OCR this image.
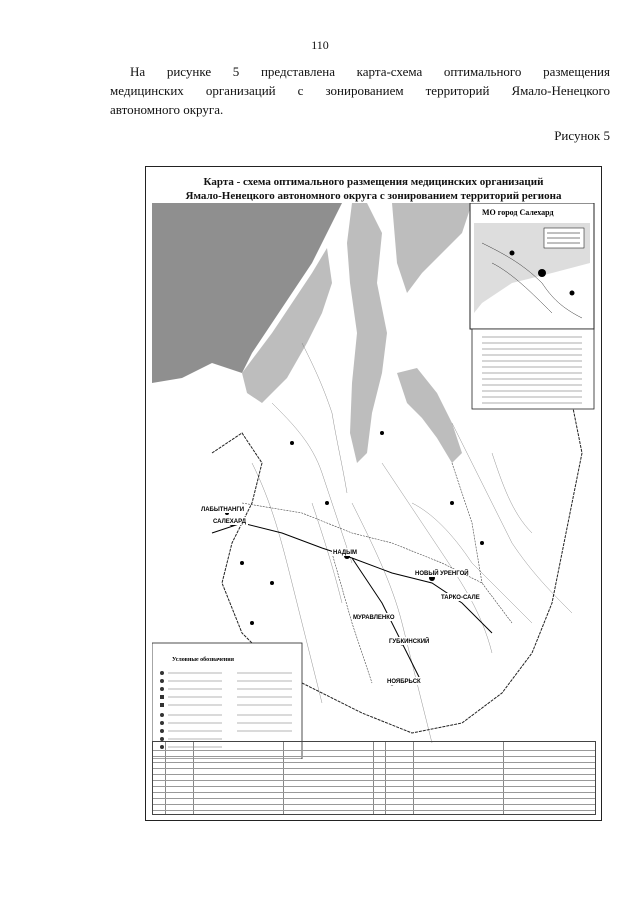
110
На рисунке 5 представлена карта-схема оптимального размещения
медицинских организаций с зонированием территорий Ямало-Ненецкого
автономного округа.
Рисунок 5
Карта - схема оптимального размещения медицинских организаций
Ямало-Ненецкого автономного округа с зонированием территорий региона
САЛЕХАРД
НОВЫЙ УРЕНГОЙ
НАДЫМ
ЛАБЫТНАНГИ
ТАРКО-САЛЕ
НОЯБРЬСК
ГУБКИНСКИЙ
МУРАВЛЕНКО
МО город Салехард
Условные обозначения
